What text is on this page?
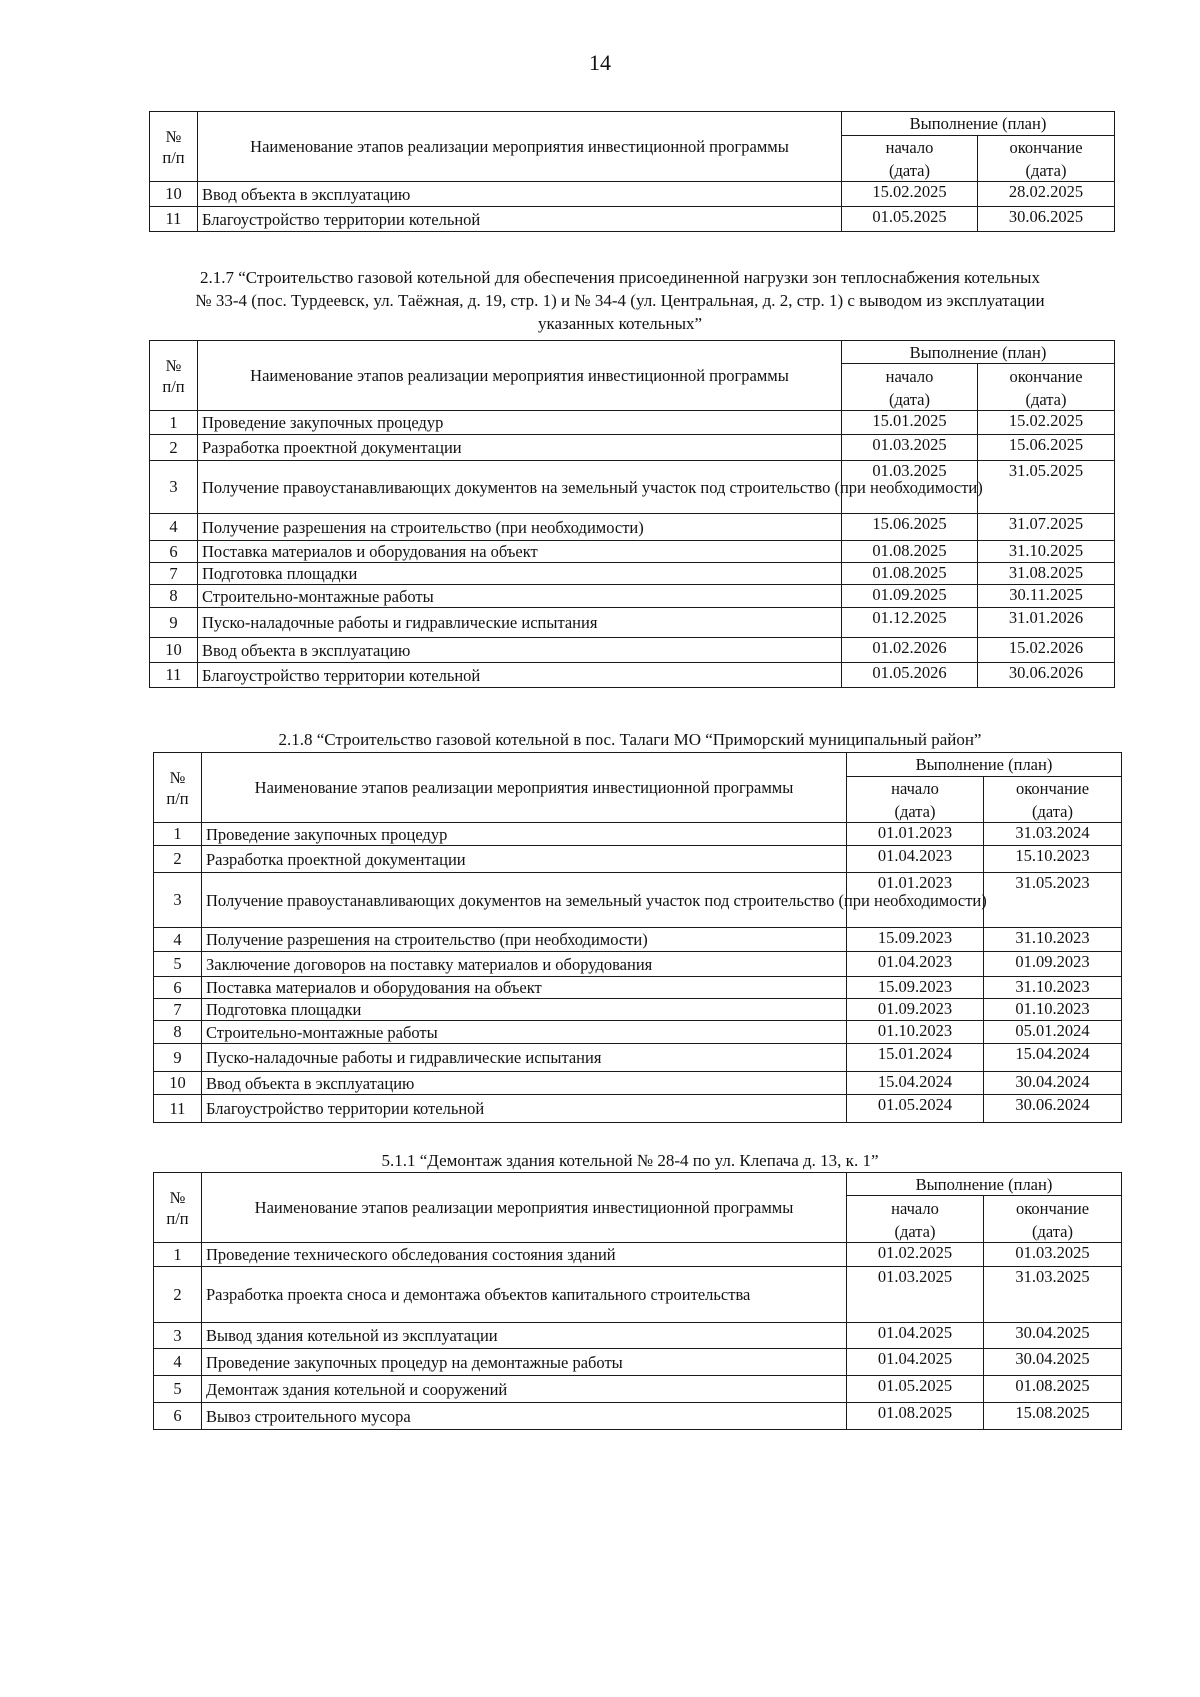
14
№
п/п	Наименование этапов реализации мероприятия инвестиционной программы	Выполнение (план)	
		начало	окончание
		(дата)	(дата)
10	Ввод объекта в эксплуатацию	15.02.2025	28.02.2025
11	Благоустройство территории котельной	01.05.2025	30.06.2025
2.1.7 “Строительство газовой котельной для обеспечения присоединенной нагрузки зон теплоснабжения котельных
№ 33-4 (пос. Турдеевск, ул. Таёжная, д. 19, стр. 1) и № 34-4 (ул. Центральная, д. 2, стр. 1) с выводом из эксплуатации
указанных котельных”
№
п/п	Наименование этапов реализации мероприятия инвестиционной программы	Выполнение (план)	
		начало	окончание
		(дата)	(дата)
1	Проведение закупочных процедур	15.01.2025	15.02.2025
2	Разработка проектной документации	01.03.2025	15.06.2025
3	Получение правоустанавливающих документов на земельный участок под строительство (при необходимости)	01.03.2025	31.05.2025
4	Получение разрешения на строительство (при необходимости)	15.06.2025	31.07.2025
6	Поставка материалов и оборудования на объект	01.08.2025	31.10.2025
7	Подготовка площадки	01.08.2025	31.08.2025
8	Строительно-монтажные работы	01.09.2025	30.11.2025
9	Пуско-наладочные работы и гидравлические испытания	01.12.2025	31.01.2026
10	Ввод объекта в эксплуатацию	01.02.2026	15.02.2026
11	Благоустройство территории котельной	01.05.2026	30.06.2026
2.1.8 “Строительство газовой котельной в пос. Талаги МО “Приморский муниципальный район”
№
п/п	Наименование этапов реализации мероприятия инвестиционной программы	Выполнение (план)	
		начало	окончание
		(дата)	(дата)
1	Проведение закупочных процедур	01.01.2023	31.03.2024
2	Разработка проектной документации	01.04.2023	15.10.2023
3	Получение правоустанавливающих документов на земельный участок под строительство (при необходимости)	01.01.2023	31.05.2023
4	Получение разрешения на строительство (при необходимости)	15.09.2023	31.10.2023
5	Заключение договоров на поставку материалов и оборудования	01.04.2023	01.09.2023
6	Поставка материалов и оборудования на объект	15.09.2023	31.10.2023
7	Подготовка площадки	01.09.2023	01.10.2023
8	Строительно-монтажные работы	01.10.2023	05.01.2024
9	Пуско-наладочные работы и гидравлические испытания	15.01.2024	15.04.2024
10	Ввод объекта в эксплуатацию	15.04.2024	30.04.2024
11	Благоустройство территории котельной	01.05.2024	30.06.2024
5.1.1 “Демонтаж здания котельной № 28-4 по ул. Клепача д. 13, к. 1”
№
п/п	Наименование этапов реализации мероприятия инвестиционной программы	Выполнение (план)	
		начало	окончание
		(дата)	(дата)
1	Проведение технического обследования состояния зданий	01.02.2025	01.03.2025
2	Разработка проекта сноса и демонтажа объектов капитального строительства	01.03.2025	31.03.2025
3	Вывод здания котельной из эксплуатации	01.04.2025	30.04.2025
4	Проведение закупочных процедур на демонтажные работы	01.04.2025	30.04.2025
5	Демонтаж здания котельной и сооружений	01.05.2025	01.08.2025
6	Вывоз строительного мусора	01.08.2025	15.08.2025
